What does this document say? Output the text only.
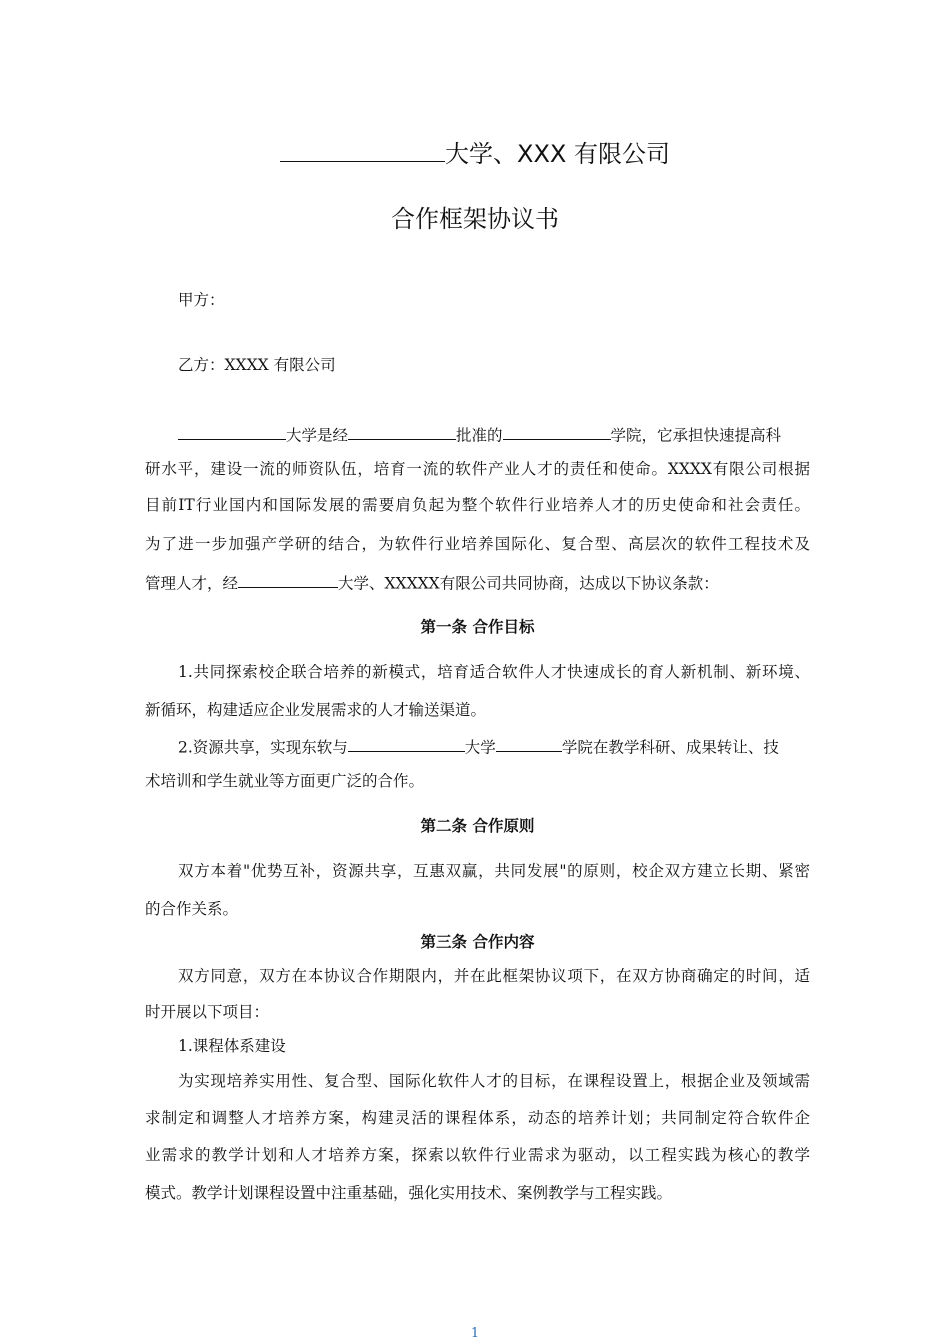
大学、XXX 有限公司
合作框架协议书
甲方：
乙方：XXXX 有限公司
大学是经	批准的	学院，它承担快速提高科
研水平，建设一流的师资队伍，培育一流的软件产业人才的责任和使命。XXXX有限公司根据
目前IT行业国内和国际发展的需要肩负起为整个软件行业培养人才的历史使命和社会责任。
为了进一步加强产学研的结合，为软件行业培养国际化、复合型、高层次的软件工程技术及
管理人才，经	大学、XXXXX有限公司共同协商，达成以下协议条款：
第一条 合作目标
1.共同探索校企联合培养的新模式，培育适合软件人才快速成长的育人新机制、新环境、
新循环，构建适应企业发展需求的人才输送渠道。
2.资源共享，实现东软与	大学	学院在教学科研、成果转让、技
术培训和学生就业等方面更广泛的合作。
第二条 合作原则
双方本着"优势互补，资源共享，互惠双赢，共同发展"的原则，校企双方建立长期、紧密
的合作关系。
第三条 合作内容
双方同意，双方在本协议合作期限内，并在此框架协议项下，在双方协商确定的时间，适
时开展以下项目：
1.课程体系建设
为实现培养实用性、复合型、国际化软件人才的目标，在课程设置上，根据企业及领域需
求制定和调整人才培养方案，构建灵活的课程体系，动态的培养计划；共同制定符合软件企
业需求的教学计划和人才培养方案，探索以软件行业需求为驱动，以工程实践为核心的教学
模式。教学计划课程设置中注重基础，强化实用技术、案例教学与工程实践。
1
